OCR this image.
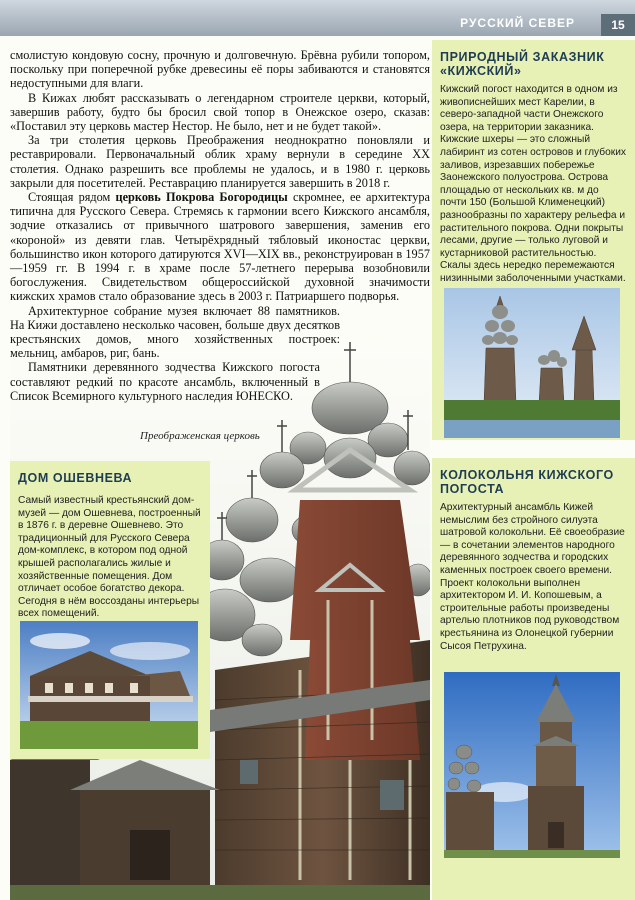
РУССКИЙ СЕВЕР	15

смолистую кондовую сосну, прочную и долговечную. Брёвна рубили топором, поскольку при поперечной рубке древесины её поры забиваются и становятся недоступными для влаги.

В Кижах любят рассказывать о легендарном строителе церкви, который, завершив работу, будто бы бросил свой топор в Онежское озеро, сказав: «Поставил эту церковь мастер Нестор. Не было, нет и не будет такой».

За три столетия церковь Преображения неоднократно поновляли и реставрировали. Первоначальный облик храму вернули в середине XX столетия. Однако разрешить все проблемы не удалось, и в 1980 г. церковь закрыли для посетителей. Реставрацию планируется завершить в 2018 г.

Стоящая рядом церковь Покрова Богородицы скромнее, ее архитектура типична для Русского Севера. Стремясь к гармонии всего Кижского ансамбля, зодчие отказались от привычного шатрового завершения, заменив его «короной» из девяти глав. Четырёхрядный тябловый иконостас церкви, большинство икон которого датируются XVI—XIX вв., реконструирован в 1957—1959 гг. В 1994 г. в храме после 57-летнего перерыва возобновили богослужения. Свидетельством общероссийской духовной значимости кижских храмов стало образование здесь в 2003 г. Патриаршего подворья.

Архитектурное собрание музея включает 88 памятников. На Кижи доставлено несколько часовен, больше двух десятков крестьянских домов, много хозяйственных построек: мельниц, амбаров, риг, бань.

Памятники деревянного зодчества Кижского погоста составляют редкий по красоте ансамбль, включенный в Список Всемирного культурного наследия ЮНЕСКО.

Преображенская церковь
ДОМ ОШЕВНЕВА
Самый известный крестьянский дом-музей — дом Ошевнева, построенный в 1876 г. в деревне Ошевнево. Это традиционный для Русского Севера дом-комплекс, в котором под одной крышей располагались жилые и хозяйственные помещения. Дом отличает особое богатство декора. Сегодня в нём воссозданы интерьеры всех помещений.
ПРИРОДНЫЙ ЗАКАЗНИК «КИЖСКИЙ»
Кижский погост находится в одном из живописнейших мест Карелии, в северо-западной части Онежского озера, на территории заказника. Кижские шхеры — это сложный лабиринт из сотен островов и глубоких заливов, изрезавших побережье Заонежского полуострова. Острова площадью от нескольких кв. м до почти 150 (Большой Клименецкий) разнообразны по характеру рельефа и растительного покрова. Одни покрыты лесами, другие — только луговой и кустарниковой растительностью. Скалы здесь нередко перемежаются низинными заболоченными участками.
КОЛОКОЛЬНЯ КИЖСКОГО ПОГОСТА
Архитектурный ансамбль Кижей немыслим без стройного силуэта шатровой колокольни. Её своеобразие — в сочетании элементов народного деревянного зодчества и городских каменных построек своего времени. Проект колокольни выполнен архитектором И. И. Копошевым, а строительные работы произведены артелью плотников под руководством крестьянина из Олонецкой губернии Сысоя Петрухина.
